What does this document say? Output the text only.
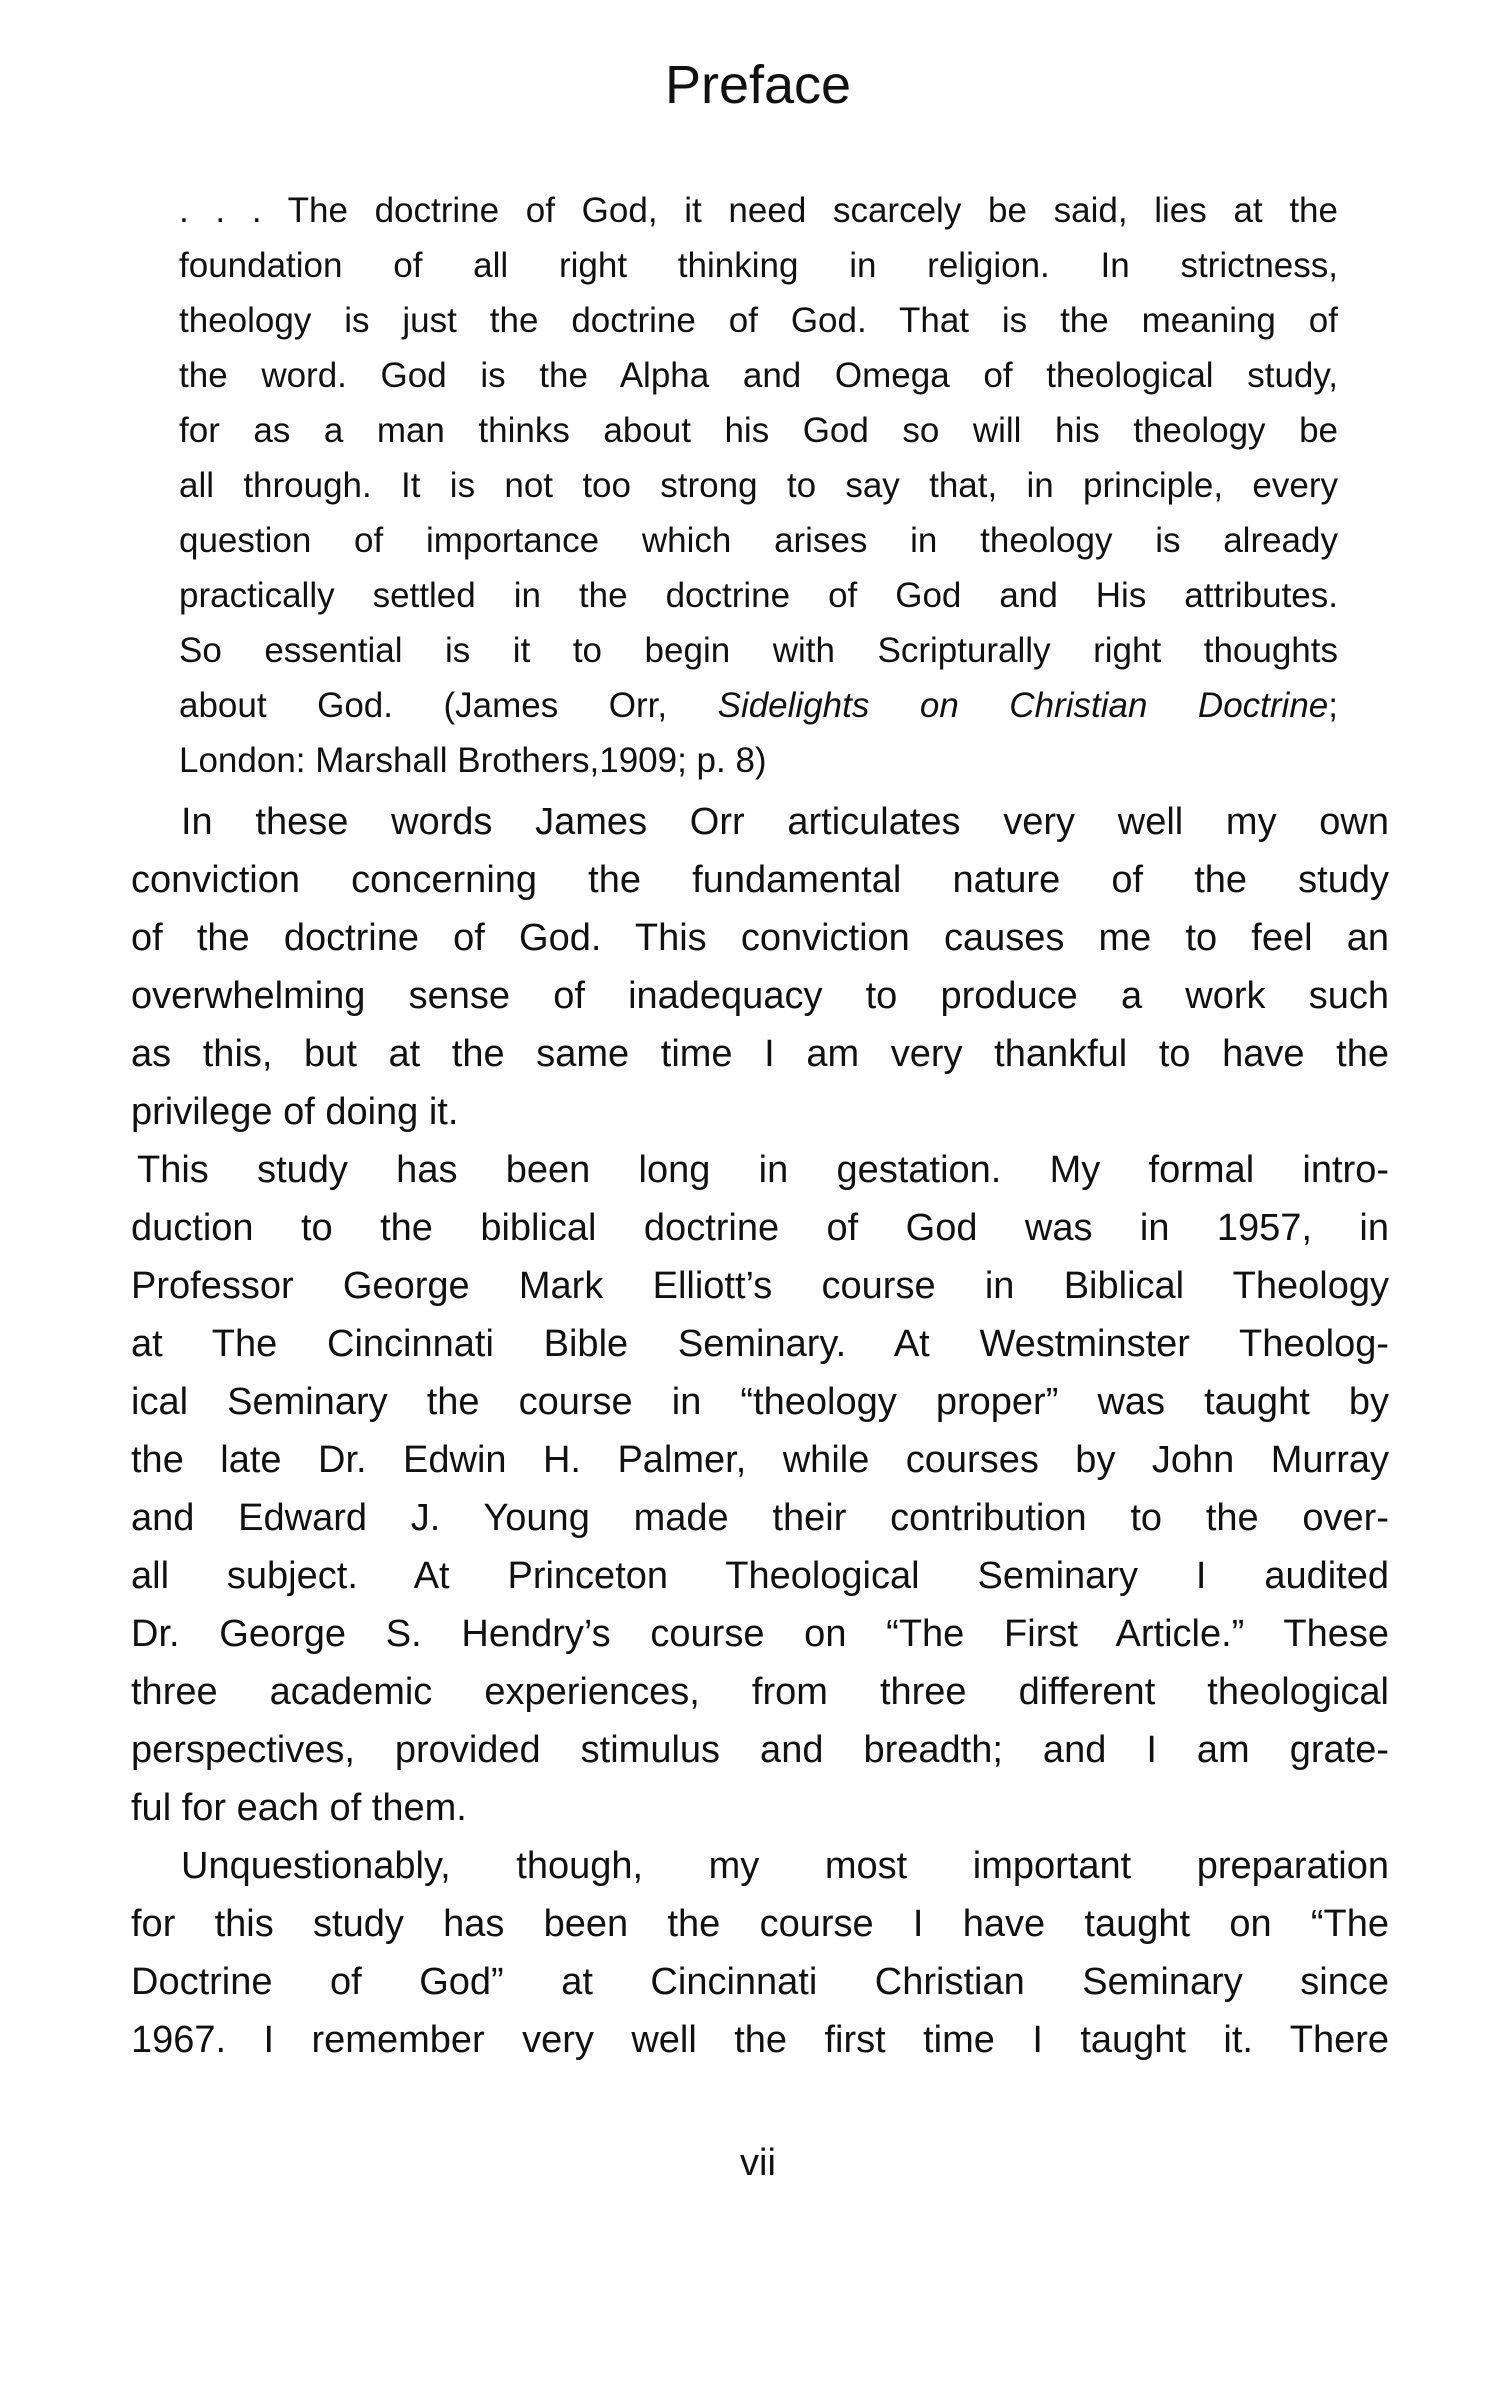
Preface
. . . The doctrine of God, it need scarcely be said, lies at the
foundation of all right thinking in religion. In strictness,
theology is just the doctrine of God. That is the meaning of
the word. God is the Alpha and Omega of theological study,
for as a man thinks about his God so will his theology be
all through. It is not too strong to say that, in principle, every
question of importance which arises in theology is already
practically settled in the doctrine of God and His attributes.
So essential is it to begin with Scripturally right thoughts
about God. (James Orr, Sidelights on Christian Doctrine;
London: Marshall Brothers,1909; p. 8)
In these words James Orr articulates very well my own
conviction concerning the fundamental nature of the study
of the doctrine of God. This conviction causes me to feel an
overwhelming sense of inadequacy to produce a work such
as this, but at the same time I am very thankful to have the
privilege of doing it.
This study has been long in gestation. My formal intro-
duction to the biblical doctrine of God was in 1957, in
Professor George Mark Elliott’s course in Biblical Theology
at The Cincinnati Bible Seminary. At Westminster Theolog-
ical Seminary the course in “theology proper” was taught by
the late Dr. Edwin H. Palmer, while courses by John Murray
and Edward J. Young made their contribution to the over-
all subject. At Princeton Theological Seminary I audited
Dr. George S. Hendry’s course on “The First Article.” These
three academic experiences, from three different theological
perspectives, provided stimulus and breadth; and I am grate-
ful for each of them.
Unquestionably, though, my most important preparation
for this study has been the course I have taught on “The
Doctrine of God” at Cincinnati Christian Seminary since
1967. I remember very well the first time I taught it. There
vii
